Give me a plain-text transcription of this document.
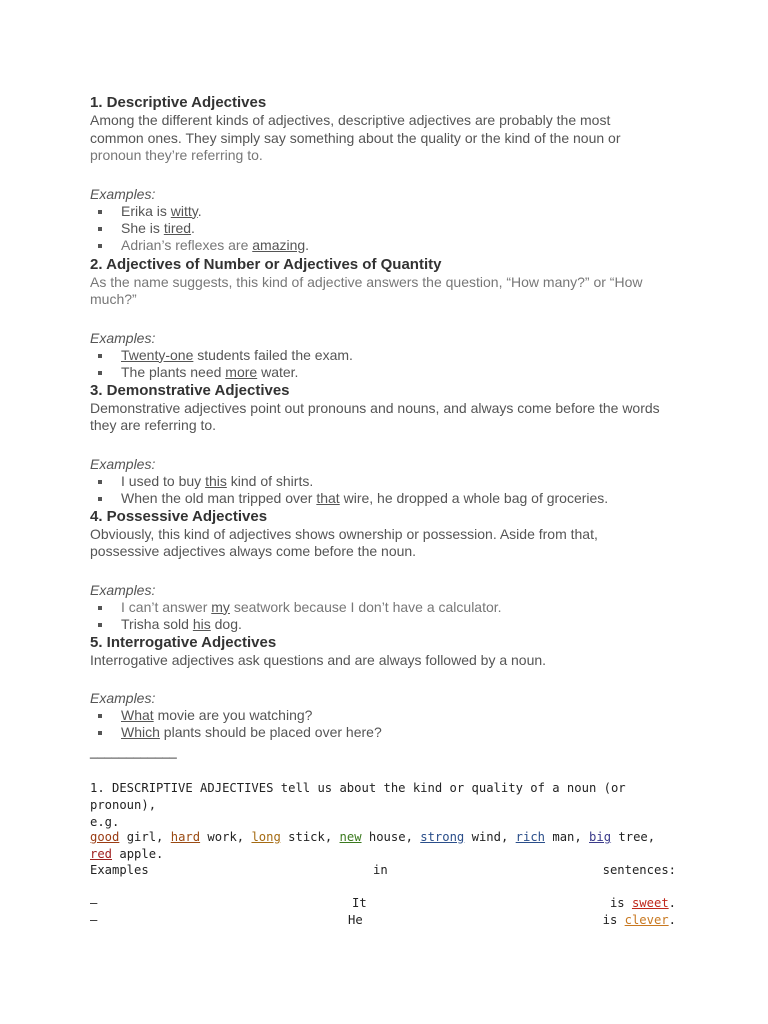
1. Descriptive Adjectives

Among the different kinds of adjectives, descriptive adjectives are probably the most

common ones. They simply say something about the quality or the kind of the noun or

pronoun they’re referring to.

Examples:

Erika is witty.
She is tired.
Adrian’s reflexes are amazing.
2. Adjectives of Number or Adjectives of Quantity

As the name suggests, this kind of adjective answers the question, “How many?” or “How

much?”

Examples:

Twenty-one students failed the exam.
The plants need more water.
3. Demonstrative Adjectives

Demonstrative adjectives point out pronouns and nouns, and always come before the words

they are referring to.

Examples:

I used to buy this kind of shirts.
When the old man tripped over that wire, he dropped a whole bag of groceries.
4. Possessive Adjectives

Obviously, this kind of adjectives shows ownership or possession. Aside from that,

possessive adjectives always come before the noun.

Examples:

I can’t answer my seatwork because I don’t have a calculator.
Trisha sold his dog.
5. Interrogative Adjectives

Interrogative adjectives ask questions and are always followed by a noun.

Examples:

What movie are you watching?
Which plants should be placed over here?

____________

1. DESCRIPTIVE ADJECTIVES tell us about the kind or quality of a noun (or pronoun),
e.g.
good girl, hard work, long stick, new house, strong wind, rich man, big tree, red apple.
Examples	in	sentences:
–	It	is sweet.
–	He	is clever.
